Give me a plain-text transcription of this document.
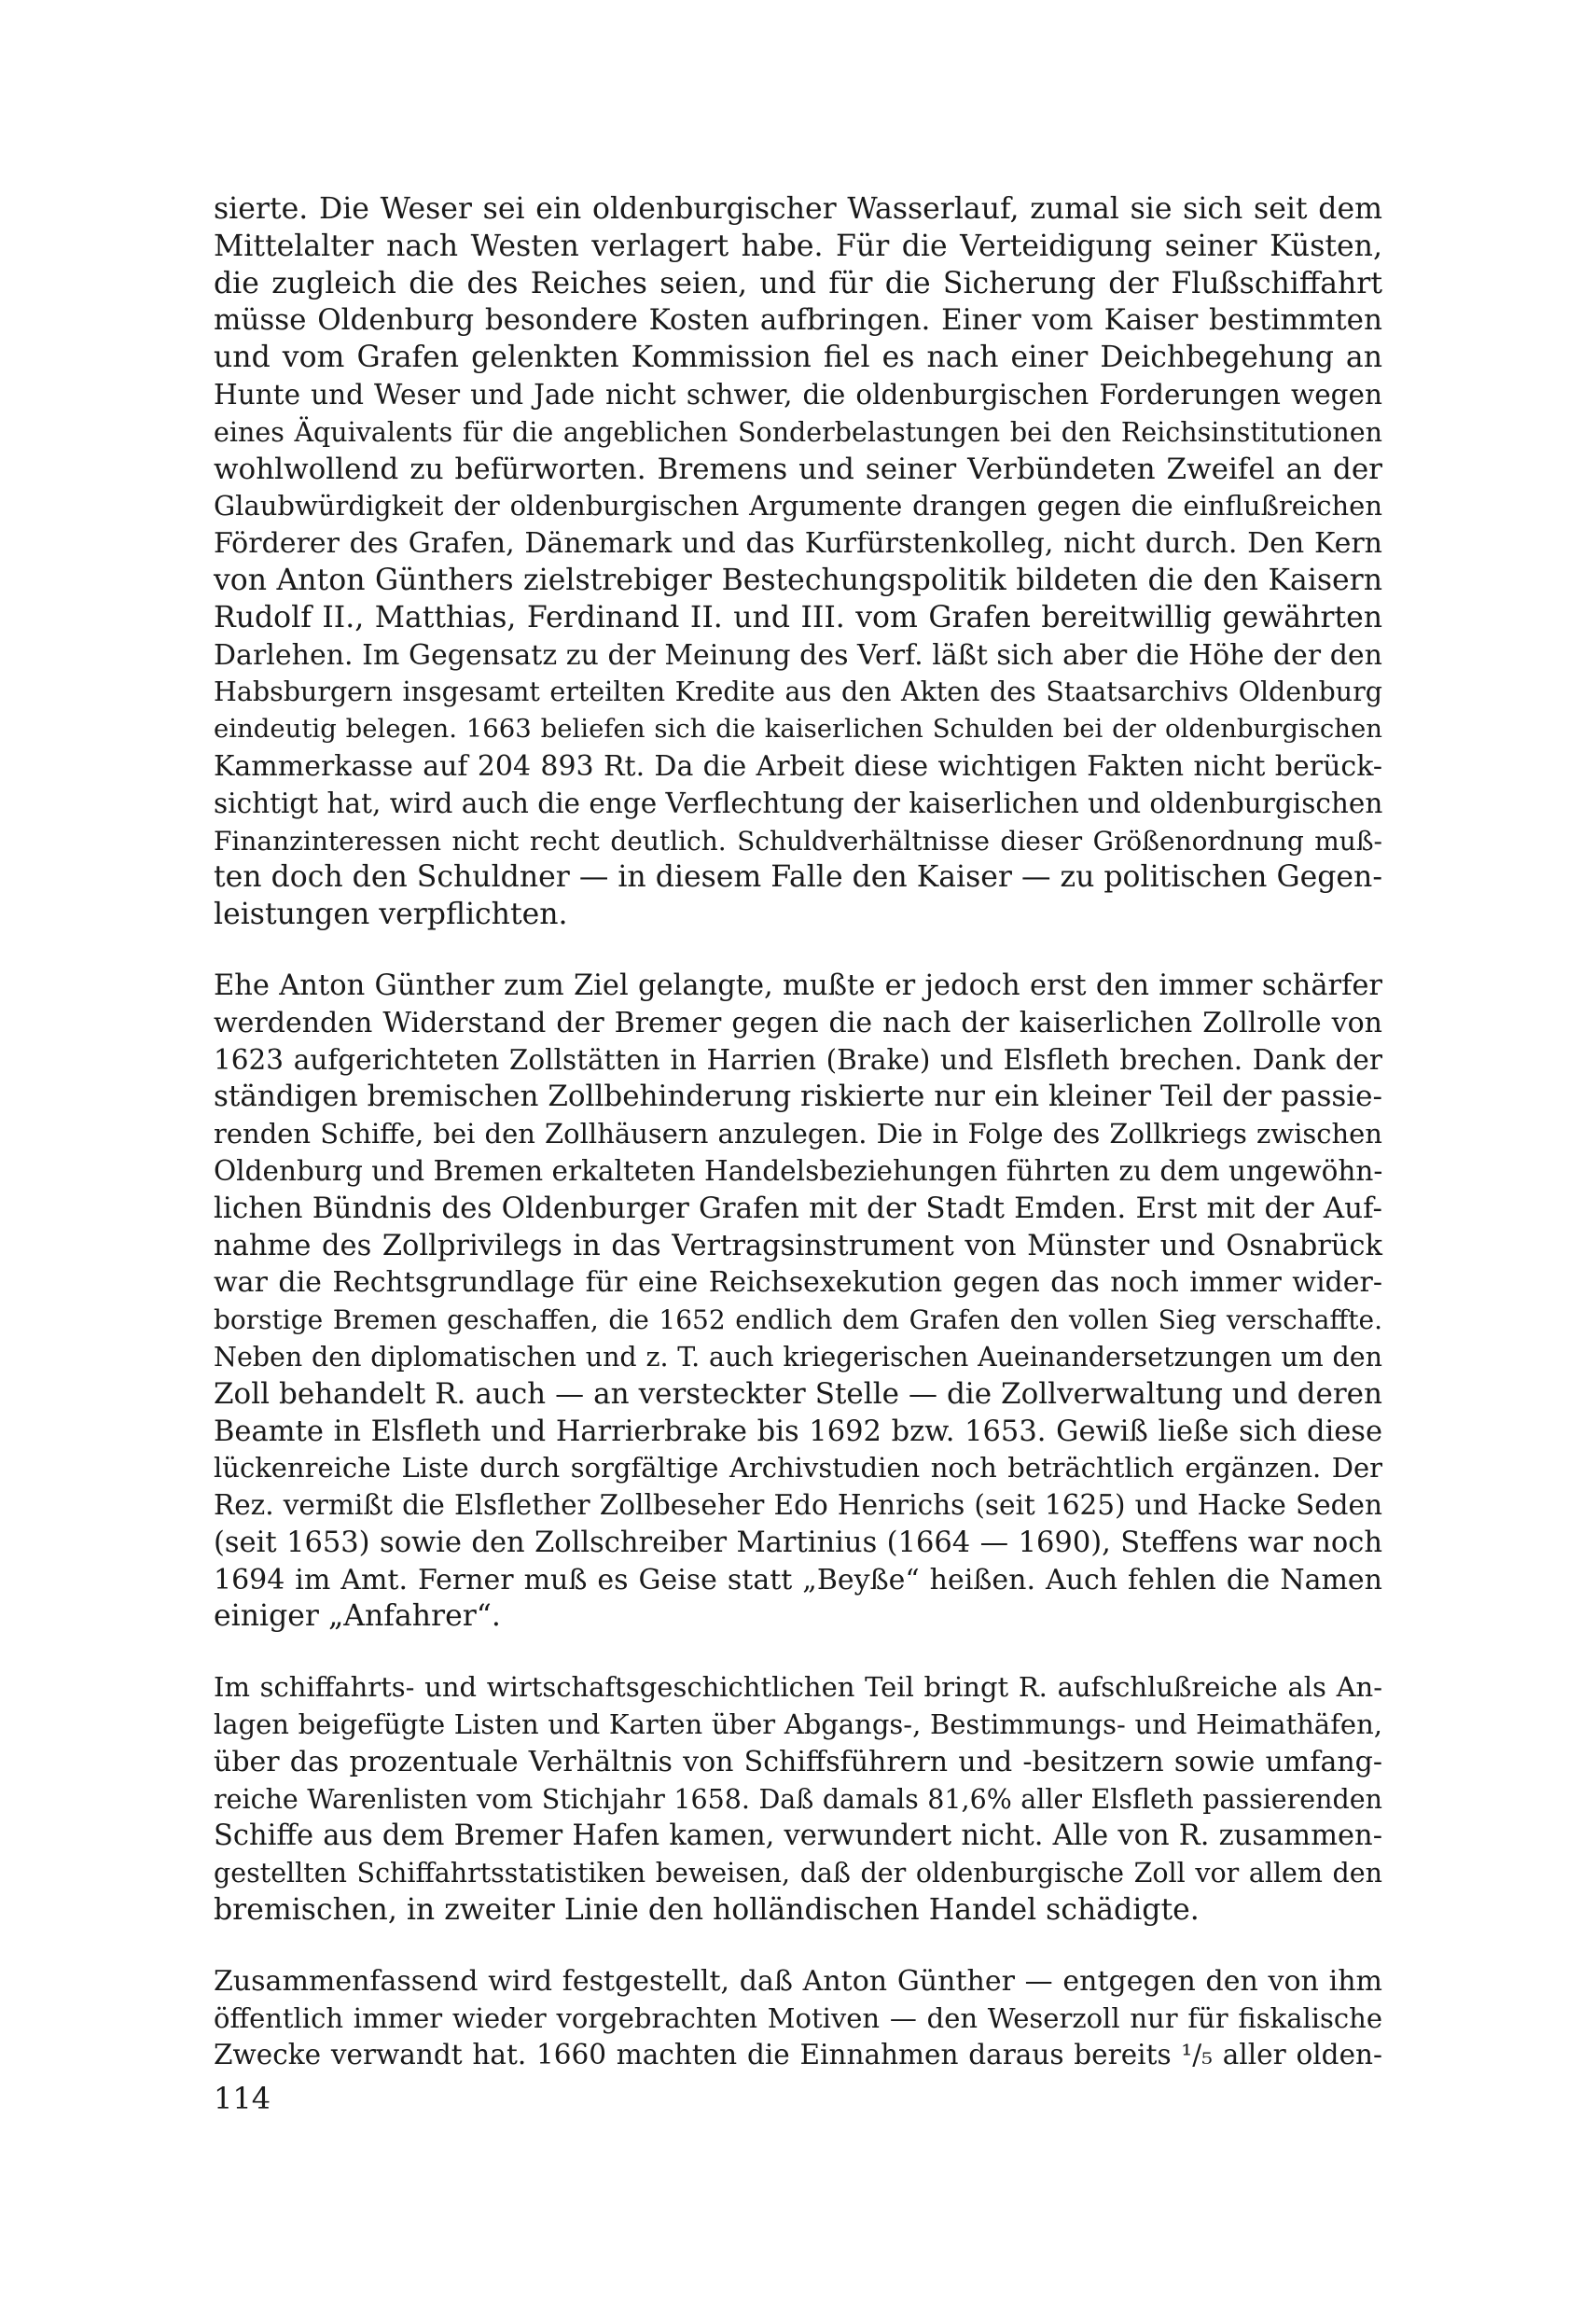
sierte. Die Weser sei ein oldenburgischer Wasserlauf, zumal sie sich seit dem
Mittelalter nach Westen verlagert habe. Für die Verteidigung seiner Küsten,
die zugleich die des Reiches seien, und für die Sicherung der Flußschiffahrt
müsse Oldenburg besondere Kosten aufbringen. Einer vom Kaiser bestimmten
und vom Grafen gelenkten Kommission fiel es nach einer Deichbegehung an
Hunte und Weser und Jade nicht schwer, die oldenburgischen Forderungen wegen
eines Äquivalents für die angeblichen Sonderbelastungen bei den Reichsinstitutionen
wohlwollend zu befürworten. Bremens und seiner Verbündeten Zweifel an der
Glaubwürdigkeit der oldenburgischen Argumente drangen gegen die einflußreichen
Förderer des Grafen, Dänemark und das Kurfürstenkolleg, nicht durch. Den Kern
von Anton Günthers zielstrebiger Bestechungspolitik bildeten die den Kaisern
Rudolf II., Matthias, Ferdinand II. und III. vom Grafen bereitwillig gewährten
Darlehen. Im Gegensatz zu der Meinung des Verf. läßt sich aber die Höhe der den
Habsburgern insgesamt erteilten Kredite aus den Akten des Staatsarchivs Oldenburg
eindeutig belegen. 1663 beliefen sich die kaiserlichen Schulden bei der oldenburgischen
Kammerkasse auf 204 893 Rt. Da die Arbeit diese wichtigen Fakten nicht berück-
sichtigt hat, wird auch die enge Verflechtung der kaiserlichen und oldenburgischen
Finanzinteressen nicht recht deutlich. Schuldverhältnisse dieser Größenordnung muß-
ten doch den Schuldner — in diesem Falle den Kaiser — zu politischen Gegen-
leistungen verpflichten.
Ehe Anton Günther zum Ziel gelangte, mußte er jedoch erst den immer schärfer
werdenden Widerstand der Bremer gegen die nach der kaiserlichen Zollrolle von
1623 aufgerichteten Zollstätten in Harrien (Brake) und Elsfleth brechen. Dank der
ständigen bremischen Zollbehinderung riskierte nur ein kleiner Teil der passie-
renden Schiffe, bei den Zollhäusern anzulegen. Die in Folge des Zollkriegs zwischen
Oldenburg und Bremen erkalteten Handelsbeziehungen führten zu dem ungewöhn-
lichen Bündnis des Oldenburger Grafen mit der Stadt Emden. Erst mit der Auf-
nahme des Zollprivilegs in das Vertragsinstrument von Münster und Osnabrück
war die Rechtsgrundlage für eine Reichsexekution gegen das noch immer wider-
borstige Bremen geschaffen, die 1652 endlich dem Grafen den vollen Sieg verschaffte.
Neben den diplomatischen und z. T. auch kriegerischen Aueinandersetzungen um den
Zoll behandelt R. auch — an versteckter Stelle — die Zollverwaltung und deren
Beamte in Elsfleth und Harrierbrake bis 1692 bzw. 1653. Gewiß ließe sich diese
lückenreiche Liste durch sorgfältige Archivstudien noch beträchtlich ergänzen. Der
Rez. vermißt die Elsflether Zollbeseher Edo Henrichs (seit 1625) und Hacke Seden
(seit 1653) sowie den Zollschreiber Martinius (1664 — 1690), Steffens war noch
1694 im Amt. Ferner muß es Geise statt „Beyße“ heißen. Auch fehlen die Namen
einiger „Anfahrer“.
Im schiffahrts- und wirtschaftsgeschichtlichen Teil bringt R. aufschlußreiche als An-
lagen beigefügte Listen und Karten über Abgangs-, Bestimmungs- und Heimathäfen,
über das prozentuale Verhältnis von Schiffsführern und -besitzern sowie umfang-
reiche Warenlisten vom Stichjahr 1658. Daß damals 81,6% aller Elsfleth passierenden
Schiffe aus dem Bremer Hafen kamen, verwundert nicht. Alle von R. zusammen-
gestellten Schiffahrtsstatistiken beweisen, daß der oldenburgische Zoll vor allem den
bremischen, in zweiter Linie den holländischen Handel schädigte.
Zusammenfassend wird festgestellt, daß Anton Günther — entgegen den von ihm
öffentlich immer wieder vorgebrachten Motiven — den Weserzoll nur für fiskalische
Zwecke verwandt hat. 1660 machten die Einnahmen daraus bereits ¹/₅ aller olden-
114
